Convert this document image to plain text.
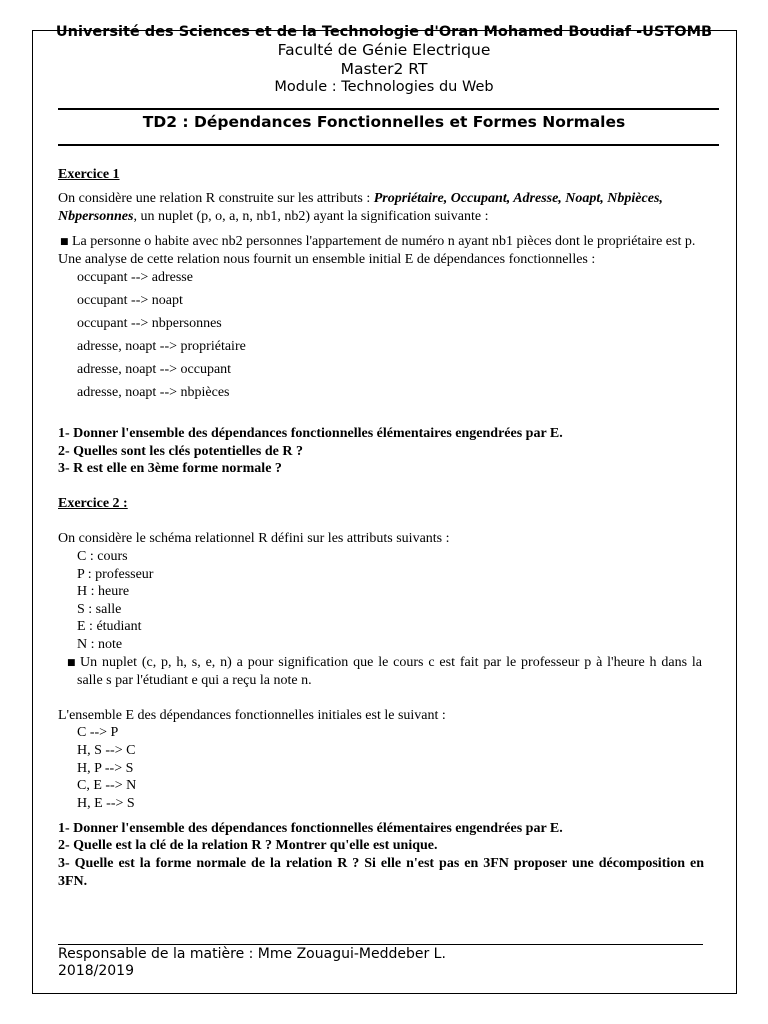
Université des Sciences et de la Technologie d'Oran Mohamed Boudiaf -USTOMB
Faculté de Génie Electrique
Master2 RT
Module : Technologies du Web
TD2 : Dépendances Fonctionnelles et Formes Normales
Exercice 1
On considère une relation R construite sur les attributs : Propriétaire, Occupant, Adresse, Noapt, Nbpièces,
Nbpersonnes, un nuplet (p, o, a, n, nb1, nb2) ayant la signification suivante :
■ La personne o habite avec nb2 personnes l'appartement de numéro n ayant nb1 pièces dont le propriétaire est p.
Une analyse de cette relation nous fournit un ensemble initial E de dépendances fonctionnelles :
occupant --> adresse
occupant --> noapt
occupant --> nbpersonnes
adresse, noapt --> propriétaire
adresse, noapt --> occupant
adresse, noapt --> nbpièces
1- Donner l'ensemble des dépendances fonctionnelles élémentaires engendrées par E.
2- Quelles sont les clés potentielles de R ?
3- R est elle en 3ème forme normale ?
Exercice 2 :
On considère le schéma relationnel R défini sur les attributs suivants :
C : cours
P : professeur
H : heure
S : salle
E : étudiant
N : note
■ Un nuplet (c, p, h, s, e, n) a pour signification que le cours c est fait par le professeur p à l'heure h dans la
salle s par l'étudiant e qui a reçu la note n.
L'ensemble E des dépendances fonctionnelles initiales est le suivant :
C --> P
H, S --> C
H, P --> S
C, E --> N
H, E --> S
1- Donner l'ensemble des dépendances fonctionnelles élémentaires engendrées par E.
2- Quelle est la clé de la relation R ? Montrer qu'elle est unique.
3- Quelle est la forme normale de la relation R ? Si elle n'est pas en 3FN proposer une décomposition en
3FN.
Responsable de la matière : Mme Zouagui-Meddeber L.
2018/2019
